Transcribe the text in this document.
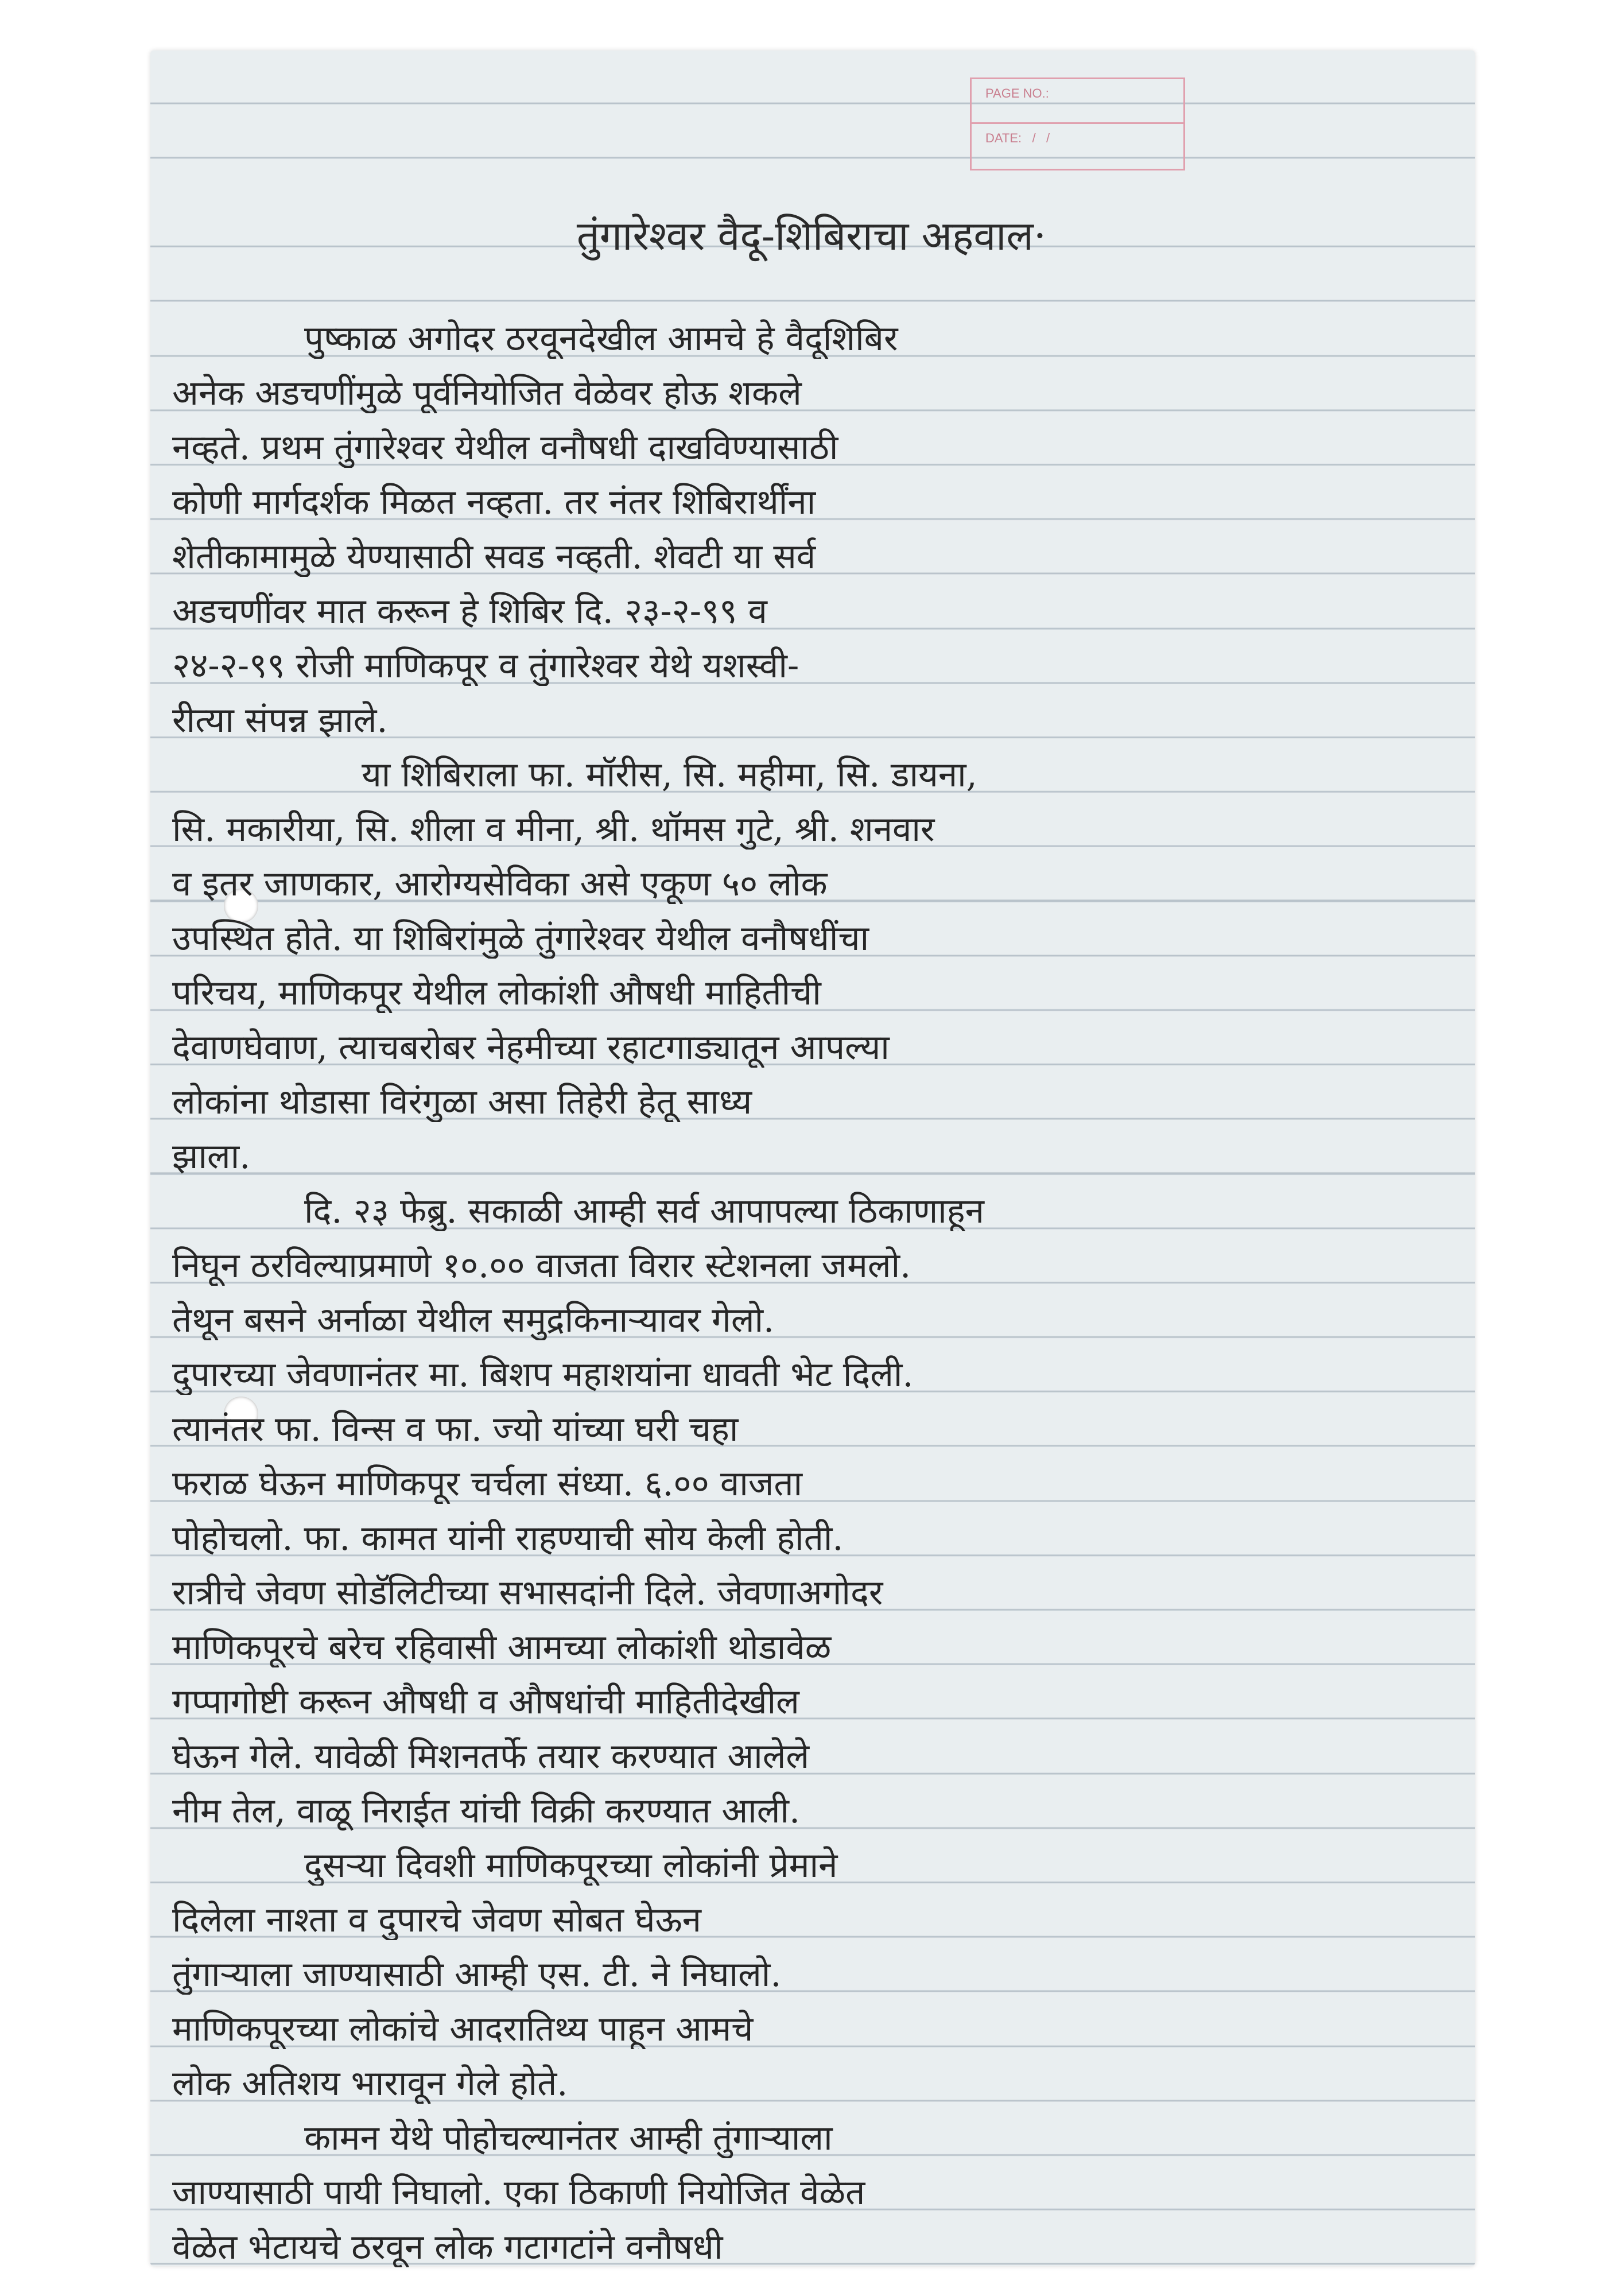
PAGE NO.:
DATE:   /   /
तुंगारेश्वर वैदू-शिबिराचा अहवाल·
पुष्काळ अगोदर ठरवूनदेखील आमचे हे वैदूशिबिर
अनेक अडचणींमुळे पूर्वनियोजित वेळेवर होऊ शकले
नव्हते. प्रथम तुंगारेश्वर येथील वनौषधी दाखविण्यासाठी
कोणी मार्गदर्शक मिळत नव्हता. तर नंतर शिबिरार्थींना
शेतीकामामुळे येण्यासाठी सवड नव्हती. शेवटी या सर्व
अडचणींवर मात करून हे शिबिर दि. २३-२-९९ व
२४-२-९९ रोजी माणिकपूर व तुंगारेश्वर येथे यशस्वी-
रीत्या संपन्न झाले.
या शिबिराला फा. मॉरीस, सि. महीमा, सि. डायना,
सि. मकारीया, सि. शीला व मीना, श्री. थॉमस गुटे, श्री. शनवार
व इतर जाणकार, आरोग्यसेविका असे एकूण ५० लोक
उपस्थित होते. या शिबिरांमुळे तुंगारेश्वर येथील वनौषधींचा
परिचय, माणिकपूर येथील लोकांशी औषधी माहितीची
देवाणघेवाण, त्याचबरोबर नेहमीच्या रहाटगाड्यातून आपल्या
लोकांना थोडासा विरंगुळा असा तिहेरी हेतू साध्य
झाला.
दि. २३ फेब्रु. सकाळी आम्ही सर्व आपापल्या ठिकाणाहून
निघून ठरविल्याप्रमाणे १०.०० वाजता विरार स्टेशनला जमलो.
तेथून बसने अर्नाळा येथील समुद्रकिनाऱ्यावर गेलो.
दुपारच्या जेवणानंतर मा. बिशप महाशयांना धावती भेट दिली.
त्यानंतर फा. विन्‍स व फा. ज्यो यांच्या घरी चहा
फराळ घेऊन माणिकपूर चर्चला संध्या. ६.०० वाजता
पोहोचलो. फा. कामत यांनी राहण्याची सोय केली होती.
रात्रीचे जेवण सोडॅलिटीच्या सभासदांनी दिले. जेवणाअगोदर
माणिकपूरचे बरेच रहिवासी आमच्या लोकांशी थोडावेळ
गप्पागोष्टी करून औषधी व औषधांची माहितीदेखील
घेऊन गेले. यावेळी मिशनतर्फे तयार करण्यात आलेले
नीम तेल, वाळू निराईत यांची विक्री करण्यात आली.
दुसऱ्या दिवशी माणिकपूरच्या लोकांनी प्रेमाने
दिलेला नाश्ता व दुपारचे जेवण सोबत घेऊन
तुंगाऱ्याला जाण्यासाठी आम्ही एस. टी. ने निघालो.
माणिकपूरच्या लोकांचे आदरातिथ्य पाहून आमचे
लोक अतिशय भारावून गेले होते.
कामन येथे पोहोचल्यानंतर आम्ही तुंगाऱ्याला
जाण्यासाठी पायी निघालो. एका ठिकाणी नियोजित वेळेत
वेळेत भेटायचे ठरवून लोक गटागटांने वनौषधी
